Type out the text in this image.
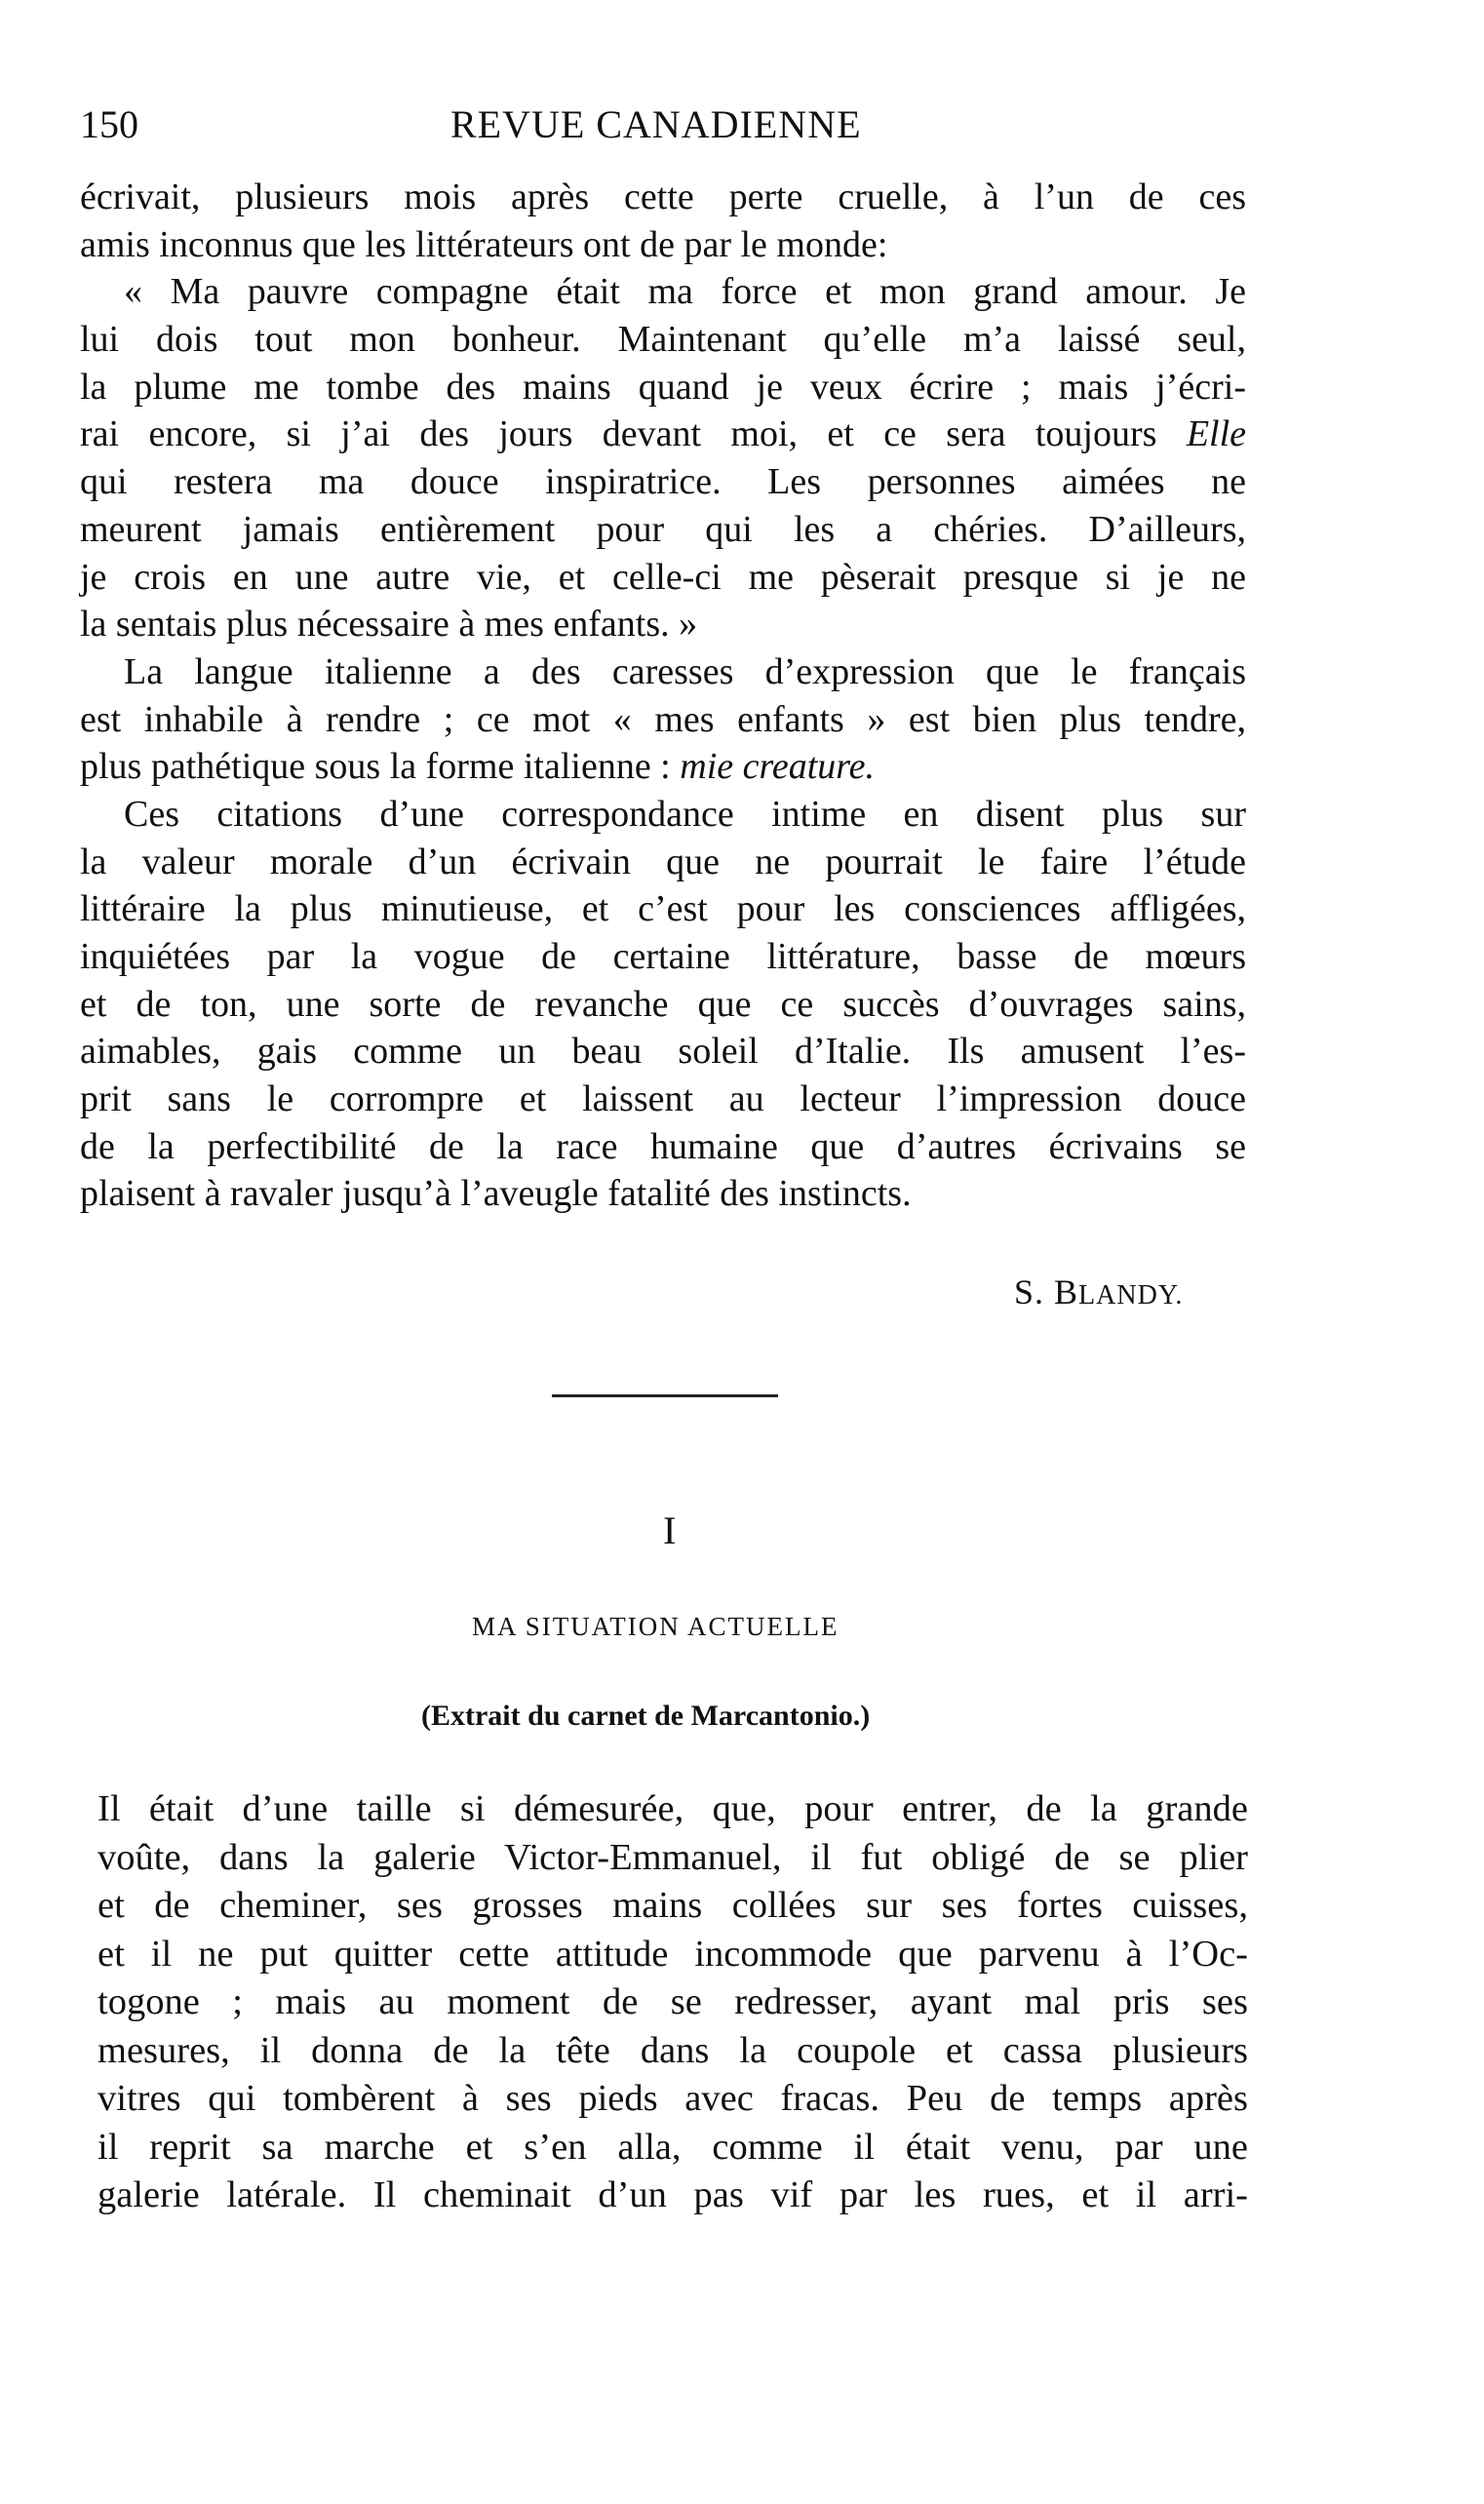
150	REVUE CANADIENNE
écrivait, plusieurs mois après cette perte cruelle, à l’un de ces
amis inconnus que les littérateurs ont de par le monde:
« Ma pauvre compagne était ma force et mon grand amour. Je
lui dois tout mon bonheur. Maintenant qu’elle m’a laissé seul,
la plume me tombe des mains quand je veux écrire ; mais j’écri-
rai encore, si j’ai des jours devant moi, et ce sera toujours Elle
qui restera ma douce inspiratrice. Les personnes aimées ne
meurent jamais entièrement pour qui les a chéries. D’ailleurs,
je crois en une autre vie, et celle-ci me pèserait presque si je ne
la sentais plus nécessaire à mes enfants. »
La langue italienne a des caresses d’expression que le français
est inhabile à rendre ; ce mot « mes enfants » est bien plus tendre,
plus pathétique sous la forme italienne : mie creature.
Ces citations d’une correspondance intime en disent plus sur
la valeur morale d’un écrivain que ne pourrait le faire l’étude
littéraire la plus minutieuse, et c’est pour les consciences affligées,
inquiétées par la vogue de certaine littérature, basse de mœurs
et de ton, une sorte de revanche que ce succès d’ouvrages sains,
aimables, gais comme un beau soleil d’Italie. Ils amusent l’es-
prit sans le corrompre et laissent au lecteur l’impression douce
de la perfectibilité de la race humaine que d’autres écrivains se
plaisent à ravaler jusqu’à l’aveugle fatalité des instincts.
S. BLANDY.
I
MA SITUATION ACTUELLE
(Extrait du carnet de Marcantonio.)
Il était d’une taille si démesurée, que, pour entrer, de la grande
voûte, dans la galerie Victor-Emmanuel, il fut obligé de se plier
et de cheminer, ses grosses mains collées sur ses fortes cuisses,
et il ne put quitter cette attitude incommode que parvenu à l’Oc-
togone ; mais au moment de se redresser, ayant mal pris ses
mesures, il donna de la tête dans la coupole et cassa plusieurs
vitres qui tombèrent à ses pieds avec fracas. Peu de temps après
il reprit sa marche et s’en alla, comme il était venu, par une
galerie latérale. Il cheminait d’un pas vif par les rues, et il arri-
